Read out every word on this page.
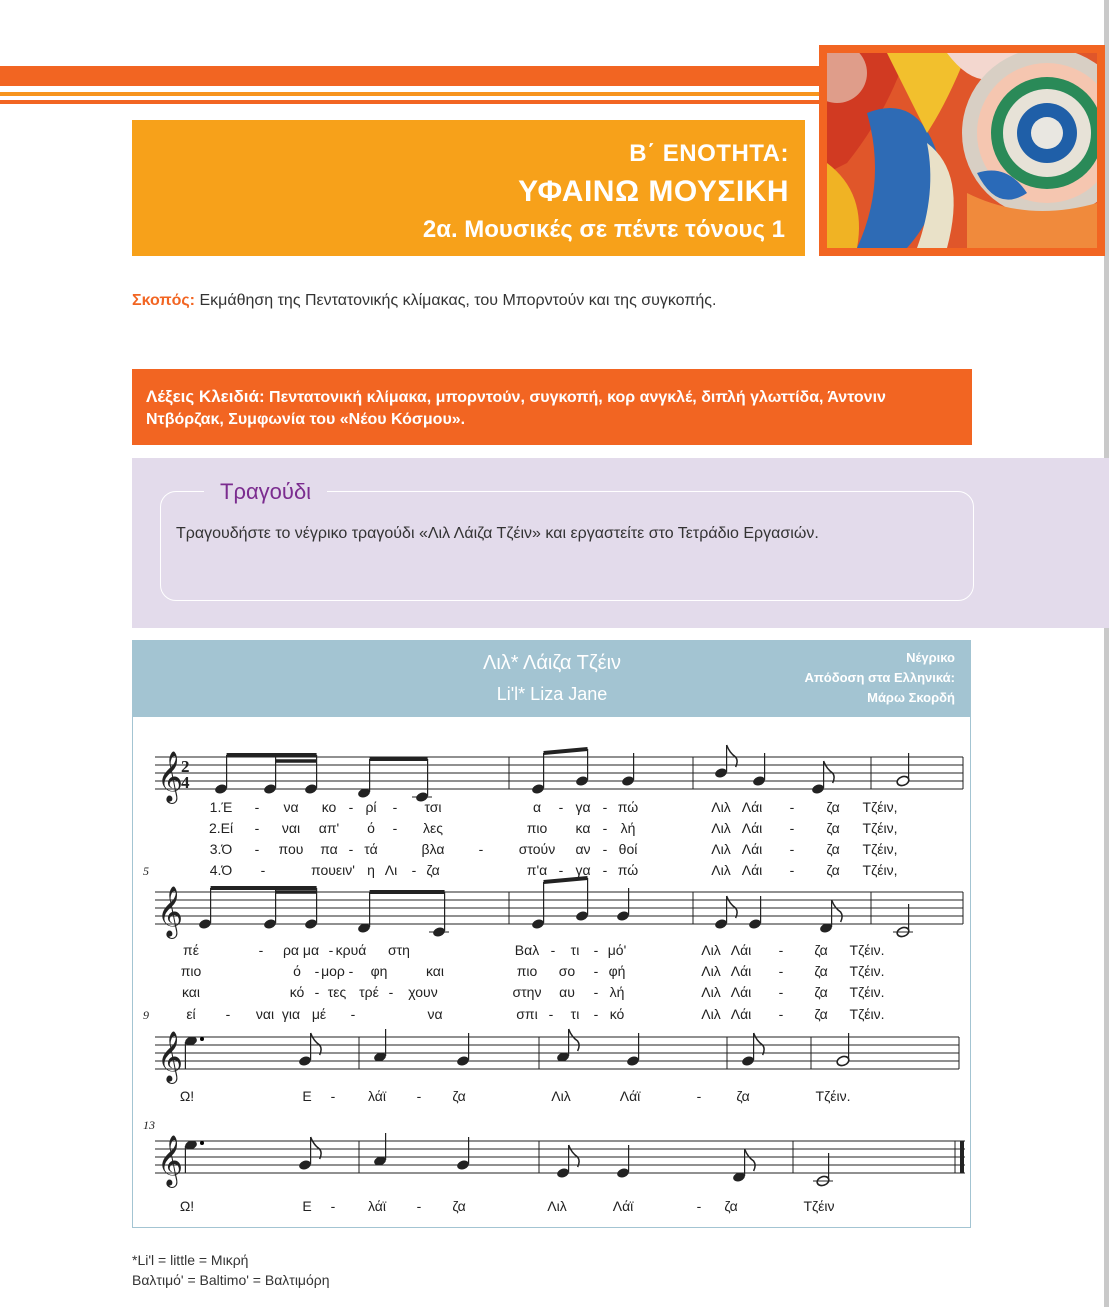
Β΄ ΕΝΟΤΗΤΑ:
ΥΦΑΙΝΩ ΜΟΥΣΙΚΗ
2α. Μουσικές σε πέντε τόνους 1
Σκοπός: Εκμάθηση της Πεντατονικής κλίμακας, του Μπορντούν και της συγκοπής.
Λέξεις Κλειδιά: Πεντατονική κλίμακα, μπορντούν, συγκοπή, κορ ανγκλέ, διπλή γλωττίδα, Άντονιν Ντβόρζακ, Συμφωνία του «Νέου Κόσμου».
Τραγούδι
Τραγουδήστε το νέγρικο τραγούδι «Λιλ Λάιζα Τζέιν» και εργαστείτε στο Τετράδιο Εργασιών.
Λιλ* Λάιζα Τζέιν
Li'l* Liza Jane
Νέγρικο
Απόδοση στα Ελληνικά:
Μάρω Σκορδή
𝄞
2
4
1.Έ - να κο - ρί - τσι	α - γα - πώ	Λιλ Λάι - ζα Τζέιν,
2.Εί - ναι απ' ό - λες	πιο κα - λή	Λιλ Λάι - ζα Τζέιν,
3.Ό - που πα - τά	βλα -	στούν αν - θοί	Λιλ Λάι - ζα Τζέιν,
4.Ό -	πουειν' η Λι - ζα	π'α - γα - πώ	Λιλ Λάι - ζα Τζέιν,
5
𝄞
πέ	- ρα μα - κρυά στη	Βαλ - τι - μό'	Λιλ Λάι - ζα Τζέιν.
πιο	ό - μορ - φη	και	πιο σο - φή	Λιλ Λάι - ζα Τζέιν.
και	κό - τες τρέ - χουν	στην αυ - λή	Λιλ Λάι - ζα Τζέιν.
εί - ναι για μέ -	να	σπι - τι - κό	Λιλ Λάι - ζα Τζέιν.
9
𝄞
Ω!	Ε - λάϊ - ζα	Λιλ	Λάϊ	- ζα	Τζέιν.
13
𝄞
Ω!	Ε - λάϊ - ζα	Λιλ	Λάϊ	- ζα	Τζέιν
*Li'l = little = Μικρή
Βαλτιμό' = Baltimo' = Βαλτιμόρη
